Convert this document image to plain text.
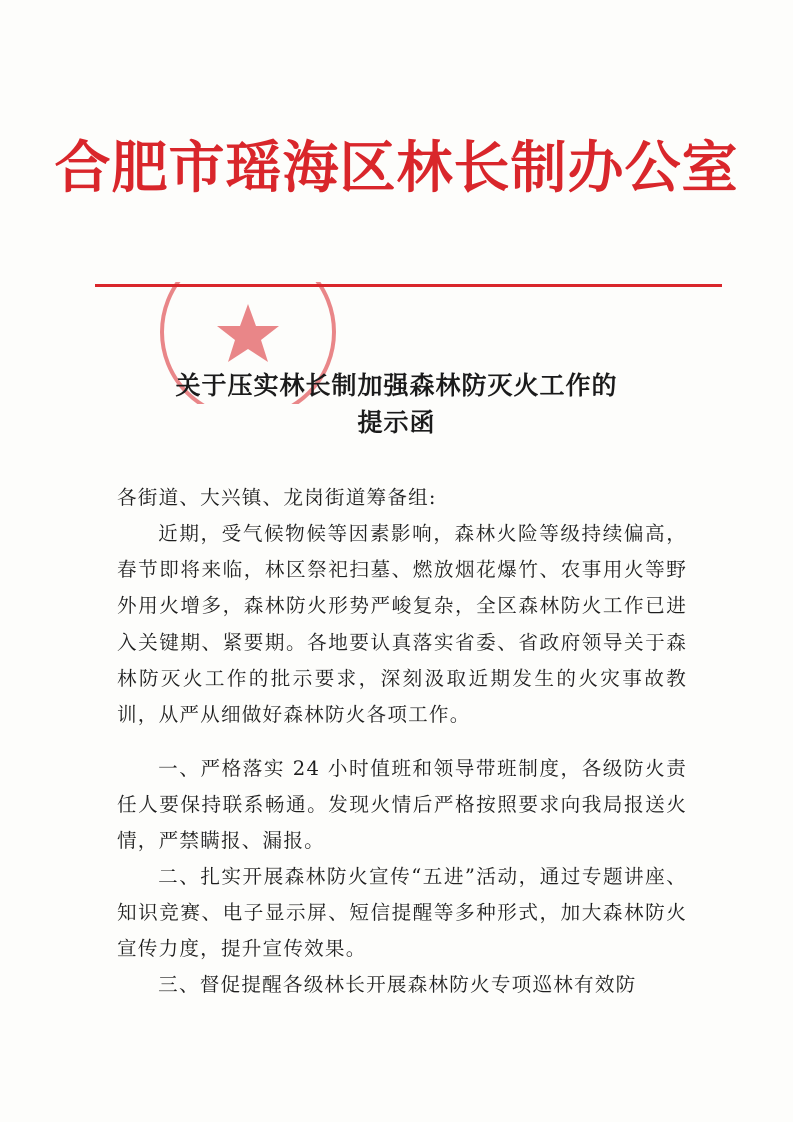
合肥市瑶海区林长制办公室
关于压实林长制加强森林防灭火工作的
提示函

各街道、大兴镇、龙岗街道筹备组:

近期，受气候物候等因素影响，森林火险等级持续偏高，春节即将来临，林区祭祀扫墓、燃放烟花爆竹、农事用火等野外用火增多，森林防火形势严峻复杂，全区森林防火工作已进入关键期、紧要期。各地要认真落实省委、省政府领导关于森林防灭火工作的批示要求，深刻汲取近期发生的火灾事故教训，从严从细做好森林防火各项工作。

一、严格落实 24 小时值班和领导带班制度，各级防火责任人要保持联系畅通。发现火情后严格按照要求向我局报送火情，严禁瞒报、漏报。

二、扎实开展森林防火宣传“五进”活动，通过专题讲座、知识竞赛、电子显示屏、短信提醒等多种形式，加大森林防火宣传力度，提升宣传效果。

三、督促提醒各级林长开展森林防火专项巡林有效防
